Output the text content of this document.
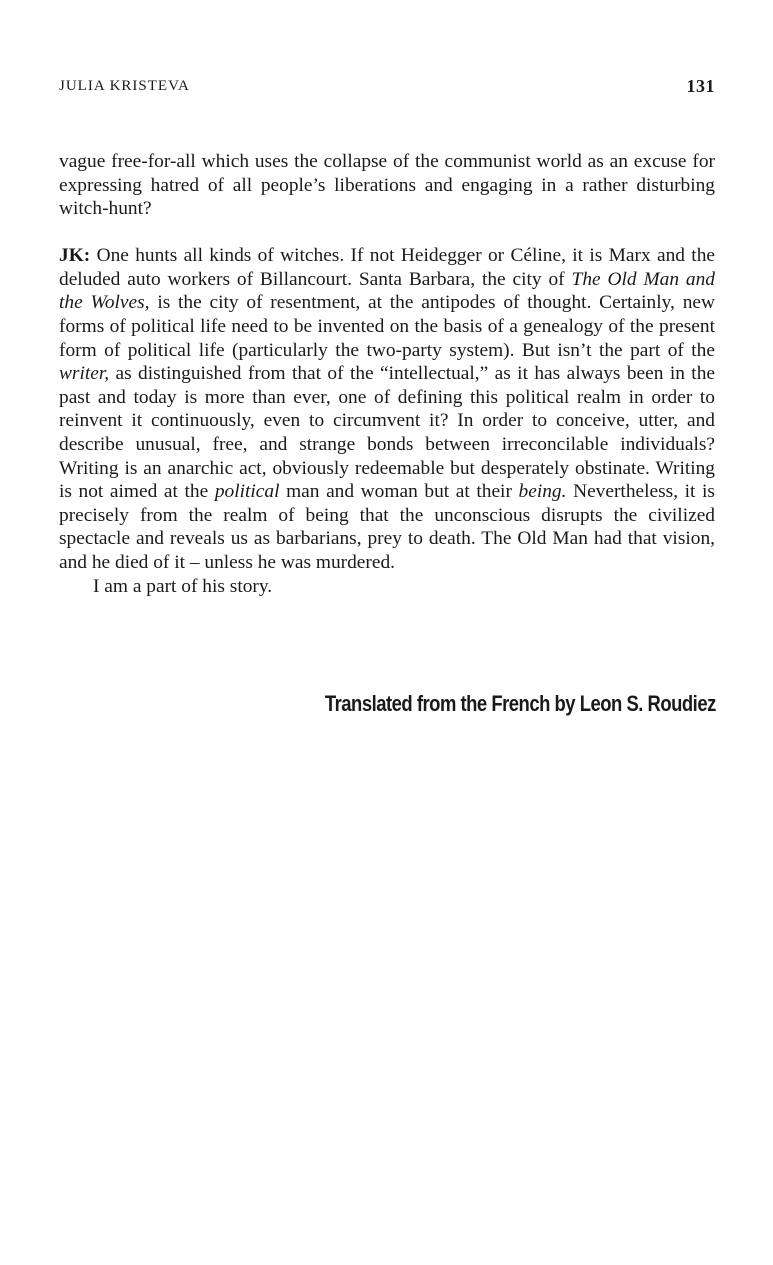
JULIA KRISTEVA	131

vague free-for-all which uses the collapse of the communist world as an excuse for expressing hatred of all people’s liberations and engaging in a rather disturbing witch-hunt?

JK: One hunts all kinds of witches. If not Heidegger or Céline, it is Marx and the deluded auto workers of Billancourt. Santa Barbara, the city of The Old Man and the Wolves, is the city of resentment, at the antipodes of thought. Certainly, new forms of political life need to be invented on the basis of a genealogy of the present form of political life (particularly the two-party system). But isn’t the part of the writer, as distinguished from that of the “intellectual,” as it has always been in the past and today is more than ever, one of defining this political realm in order to reinvent it continuously, even to circumvent it? In order to conceive, utter, and describe unusual, free, and strange bonds between irreconcilable individuals? Writing is an anarchic act, obviously redeemable but desperately obstinate. Writing is not aimed at the political man and woman but at their being. Nevertheless, it is precisely from the realm of being that the unconscious disrupts the civilized spectacle and reveals us as barbarians, prey to death. The Old Man had that vision, and he died of it – unless he was murdered.

I am a part of his story.

Translated from the French by Leon S. Roudiez
